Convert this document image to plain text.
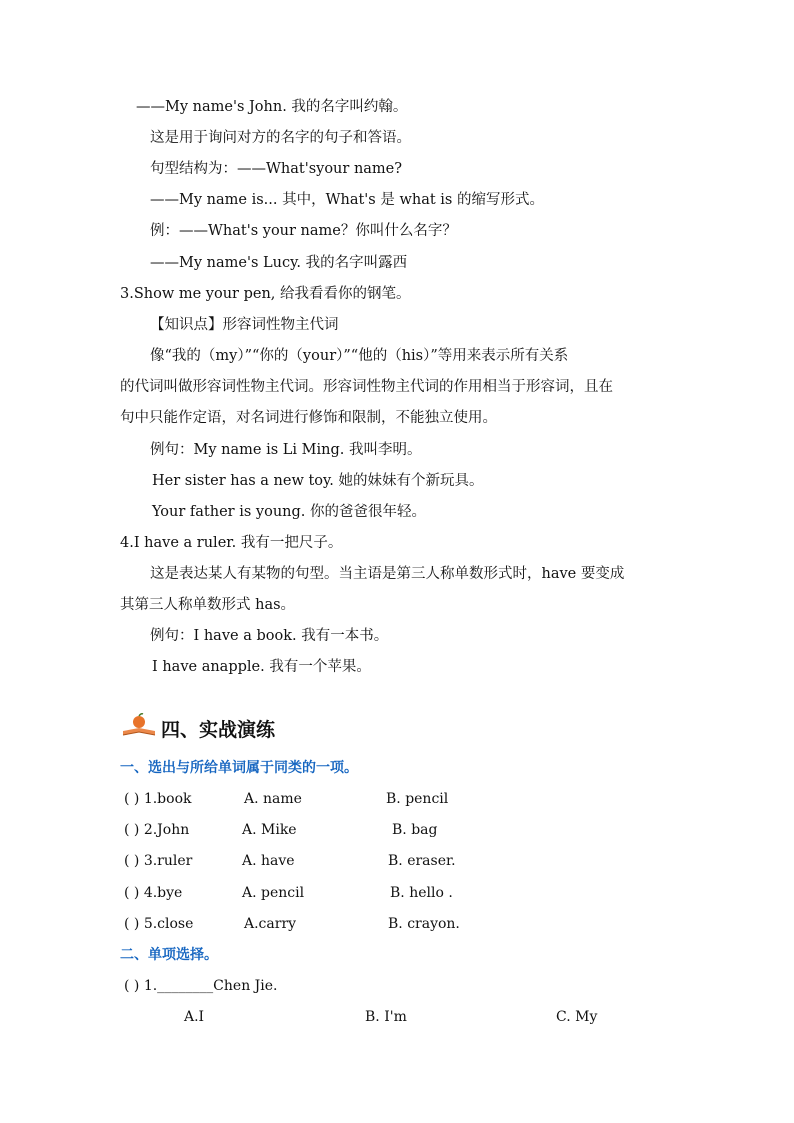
——My name's John. 我的名字叫约翰。
这是用于询问对方的名字的句子和答语。
句型结构为：——What'syour name?
——My name is... 其中，What's 是 what is 的缩写形式。
例：——What's your name？你叫什么名字？
——My name's Lucy. 我的名字叫露西
3.Show me your pen, 给我看看你的钢笔。
【知识点】形容词性物主代词
像“我的（my）”“你的（your）”“他的（his）”等用来表示所有关系
的代词叫做形容词性物主代词。形容词性物主代词的作用相当于形容词，且在
句中只能作定语，对名词进行修饰和限制，不能独立使用。
例句：My name is Li Ming. 我叫李明。
Her sister has a new toy. 她的妹妹有个新玩具。
Your father is young. 你的爸爸很年轻。
4.I have a ruler. 我有一把尺子。
这是表达某人有某物的句型。当主语是第三人称单数形式时，have 要变成
其第三人称单数形式 has。
例句：I have a book. 我有一本书。
I have anapple. 我有一个苹果。
四、实战演练
一、选出与所给单词属于同类的一项。
( ) 1.book	A. name	B. pencil
( ) 2.John	A. Mike	B. bag
( ) 3.ruler	A. have	B. eraser.
( ) 4.bye	A. pencil	B. hello .
( ) 5.close	A.carry	B. crayon.
二、单项选择。
( ) 1.________Chen Jie.
A.I	B. I'm	C. My
